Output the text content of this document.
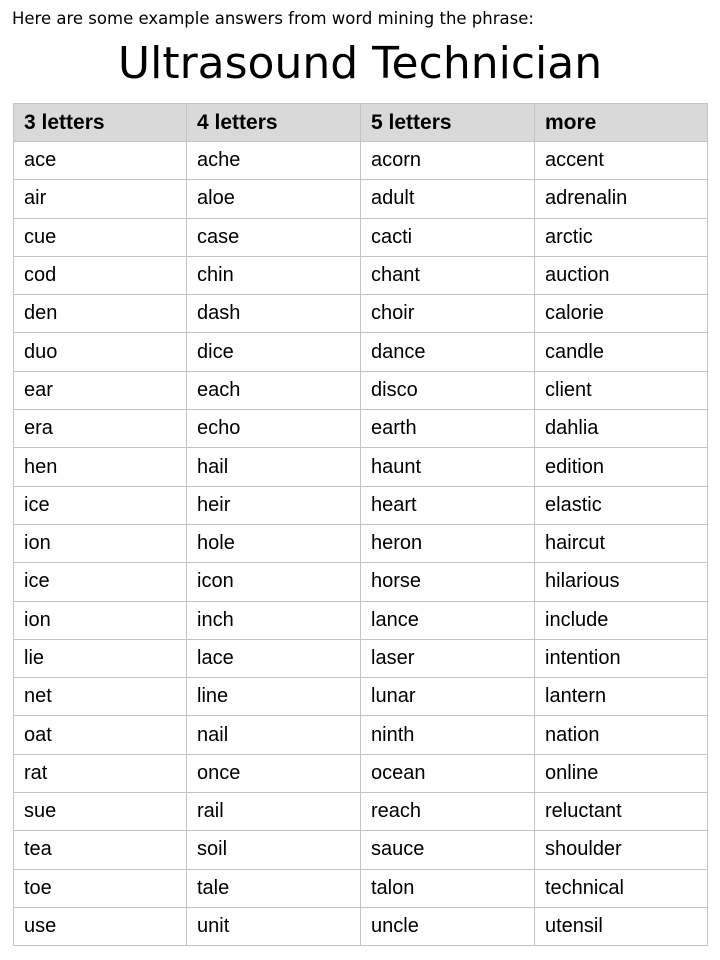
Here are some example answers from word mining the phrase:
Ultrasound Technician
3 letters	4 letters	5 letters	more
ace	ache	acorn	accent
air	aloe	adult	adrenalin
cue	case	cacti	arctic
cod	chin	chant	auction
den	dash	choir	calorie
duo	dice	dance	candle
ear	each	disco	client
era	echo	earth	dahlia
hen	hail	haunt	edition
ice	heir	heart	elastic
ion	hole	heron	haircut
ice	icon	horse	hilarious
ion	inch	lance	include
lie	lace	laser	intention
net	line	lunar	lantern
oat	nail	ninth	nation
rat	once	ocean	online
sue	rail	reach	reluctant
tea	soil	sauce	shoulder
toe	tale	talon	technical
use	unit	uncle	utensil
